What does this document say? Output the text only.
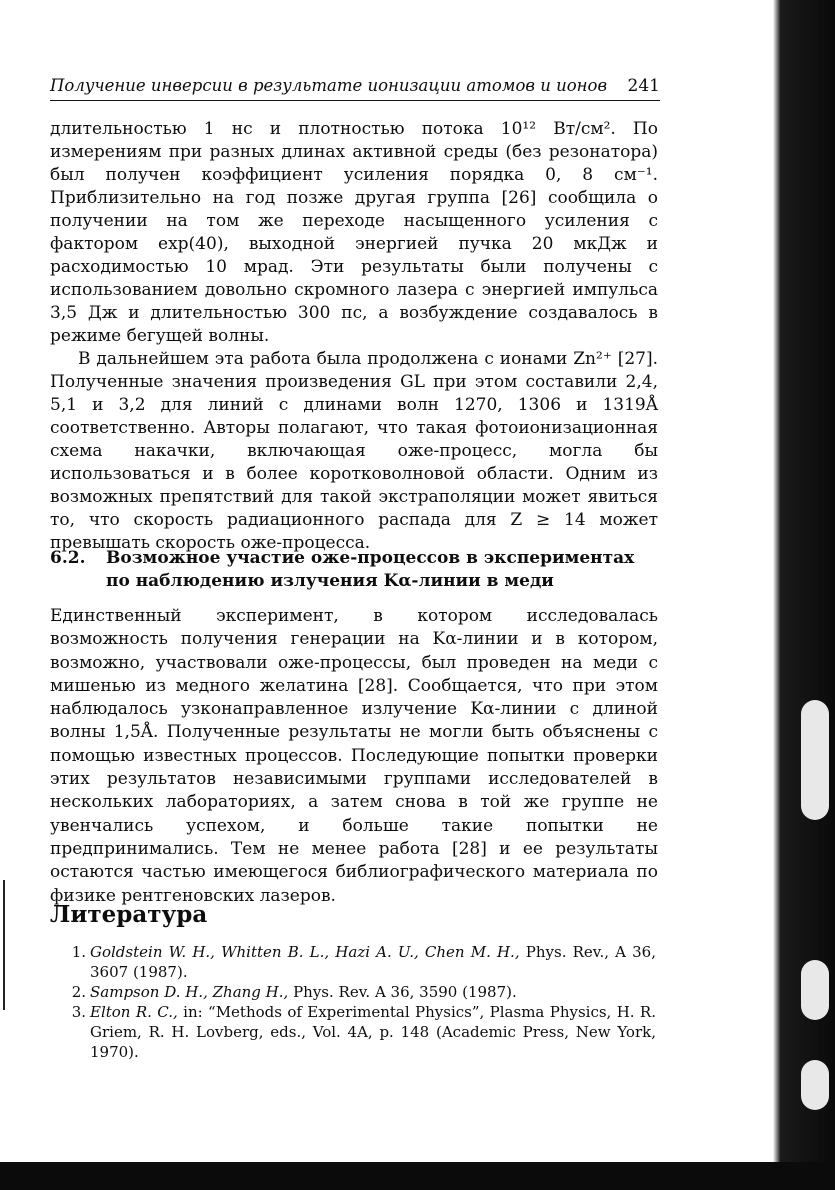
Получение инверсии в результате ионизации атомов и ионов 241

длительностью 1 нс и плотностью потока 10¹² Вт/см². По измерениям при разных длинах активной среды (без резонатора) был получен коэффициент усиления порядка 0, 8 см⁻¹. Приблизительно на год позже другая группа [26] сообщила о получении на том же переходе насыщенного усиления с фактором exp(40), выходной энергией пучка 20 мкДж и расходимостью 10 мрад. Эти результаты были получены с использованием довольно скромного лазера с энергией импульса 3,5 Дж и длительностью 300 пс, а возбуждение создавалось в режиме бегущей волны.

В дальнейшем эта работа была продолжена с ионами Zn²⁺ [27]. Полученные значения произведения GL при этом составили 2,4, 5,1 и 3,2 для линий с длинами волн 1270, 1306 и 1319Å соответственно. Авторы полагают, что такая фотоионизационная схема накачки, включающая оже-процесс, могла бы использоваться и в более коротковолновой области. Одним из возможных препятствий для такой экстраполяции может явиться то, что скорость радиационного распада для Z ≥ 14 может превышать скорость оже-процесса.

6.2. Возможное участие оже-процессов в экспериментах
по наблюдению излучения Kα-линии в меди
Единственный эксперимент, в котором исследовалась возможность получения генерации на Kα-линии и в котором, возможно, участвовали оже-процессы, был проведен на меди с мишенью из медного желатина [28]. Сообщается, что при этом наблюдалось узконаправленное излучение Kα-линии с длиной волны 1,5Å. Полученные результаты не могли быть объяснены с помощью известных процессов. Последующие попытки проверки этих результатов независимыми группами исследователей в нескольких лабораториях, а затем снова в той же группе не увенчались успехом, и больше такие попытки не предпринимались. Тем не менее работа [28] и ее результаты остаются частью имеющегося библиографического материала по физике рентгеновских лазеров.
Литература
1. Goldstein W. H., Whitten B. L., Hazi A. U., Chen M. H., Phys. Rev., A 36, 3607 (1987).
2. Sampson D. H., Zhang H., Phys. Rev. A 36, 3590 (1987).
3. Elton R. C., in: “Methods of Experimental Physics”, Plasma Physics, H. R. Griem, R. H. Lovberg, eds., Vol. 4A, p. 148 (Academic Press, New York, 1970).
